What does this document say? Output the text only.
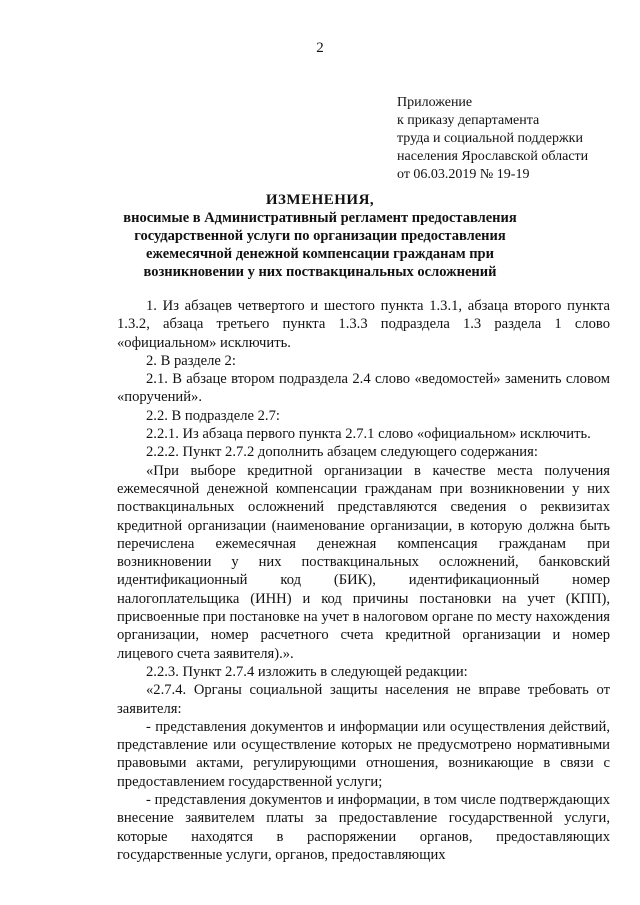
2
Приложение
к приказу департамента
труда и социальной поддержки
населения Ярославской области
от 06.03.2019 № 19-19
ИЗМЕНЕНИЯ,
вносимые в Административный регламент предоставления государственной услуги по организации предоставления ежемесячной денежной компенсации гражданам при возникновении у них поствакцинальных осложнений

1. Из абзацев четвертого и шестого пункта 1.3.1, абзаца второго пункта 1.3.2, абзаца третьего пункта 1.3.3 подраздела 1.3 раздела 1 слово «официальном» исключить.

2. В разделе 2:

2.1. В абзаце втором подраздела 2.4 слово «ведомостей» заменить словом «поручений».

2.2. В подразделе 2.7:

2.2.1. Из абзаца первого пункта 2.7.1 слово «официальном» исключить.

2.2.2. Пункт 2.7.2 дополнить абзацем следующего содержания:

«При выборе кредитной организации в качестве места получения ежемесячной денежной компенсации гражданам при возникновении у них поствакцинальных осложнений представляются сведения о реквизитах кредитной организации (наименование организации, в которую должна быть перечислена ежемесячная денежная компенсация гражданам при возникновении у них поствакцинальных осложнений, банковский идентификационный код (БИК), идентификационный номер налогоплательщика (ИНН) и код причины постановки на учет (КПП), присвоенные при постановке на учет в налоговом органе по месту нахождения организации, номер расчетного счета кредитной организации и номер лицевого счета заявителя).».

2.2.3. Пункт 2.7.4 изложить в следующей редакции:

«2.7.4. Органы социальной защиты населения не вправе требовать от заявителя:

- представления документов и информации или осуществления действий, представление или осуществление которых не предусмотрено нормативными правовыми актами, регулирующими отношения, возникающие в связи с предоставлением государственной услуги;

- представления документов и информации, в том числе подтверждающих внесение заявителем платы за предоставление государственной услуги, которые находятся в распоряжении органов, предоставляющих государственные услуги, органов, предоставляющих
